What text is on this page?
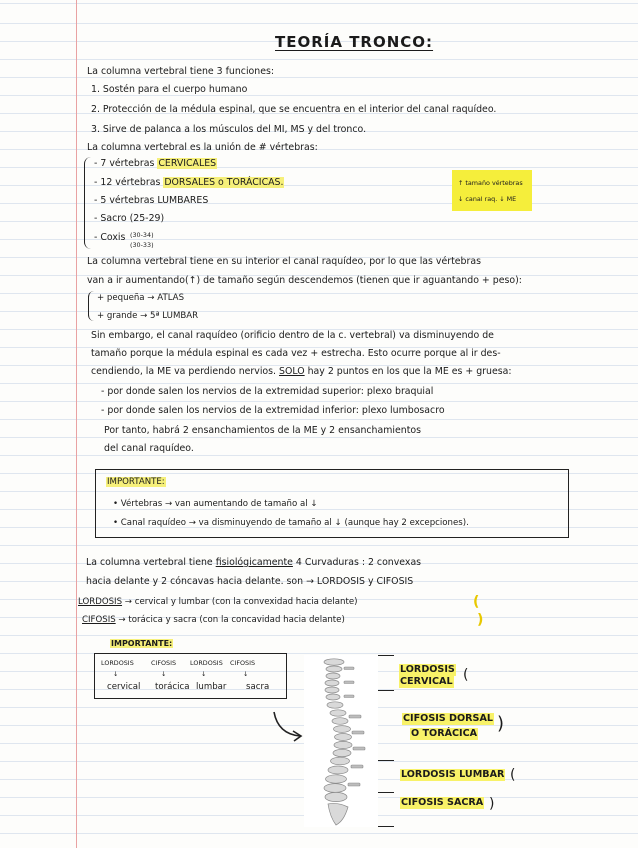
TEORÍA TRONCO:
La columna vertebral tiene 3 funciones:
1. Sostén para el cuerpo humano
2. Protección de la médula espinal, que se encuentra en el interior del canal raquídeo.
3. Sirve de palanca a los músculos del MI, MS y del tronco.
La columna vertebral es la unión de # vértebras:
- 7 vértebras CERVICALES
- 12 vértebras DORSALES o TORÁCICAS.
- 5 vértebras LUMBARES
- Sacro (25-29)
- Coxis (30-34)
(30-33)
↑ tamaño vértebras
↓ canal raq. ↓ ME
La columna vertebral tiene en su interior el canal raquídeo, por lo que las vértebras
van a ir aumentando(↑) de tamaño según descendemos (tienen que ir aguantando + peso):
+ pequeña → ATLAS
+ grande → 5ª LUMBAR
Sin embargo, el canal raquídeo (orificio dentro de la c. vertebral) va disminuyendo de
tamaño porque la médula espinal es cada vez + estrecha. Esto ocurre porque al ir des-
cendiendo, la ME va perdiendo nervios. SOLO hay 2 puntos en los que la ME es + gruesa:
- por donde salen los nervios de la extremidad superior: plexo braquial
- por donde salen los nervios de la extremidad inferior: plexo lumbosacro
Por tanto, habrá 2 ensanchamientos de la ME y 2 ensanchamientos
del canal raquídeo.
IMPORTANTE:
• Vértebras → van aumentando de tamaño al ↓
• Canal raquídeo → va disminuyendo de tamaño al ↓ (aunque hay 2 excepciones).
La columna vertebral tiene fisiológicamente 4 Curvaduras : 2 convexas
hacia delante y 2 cóncavas hacia delante. son → LORDOSIS y CIFOSIS
LORDOSIS → cervical y lumbar (con la convexidad hacia delante)	(
CIFOSIS → torácica y sacra (con la concavidad hacia delante)	)
IMPORTANTE:
LORDOSIS	CIFOSIS LORDOSIS CIFOSIS
↓	↓	↓	↓
cervical torácica lumbar sacra
LORDOSIS
CERVICAL (
CIFOSIS DORSAL
O TORÁCICA )
LORDOSIS LUMBAR (
CIFOSIS SACRA )
